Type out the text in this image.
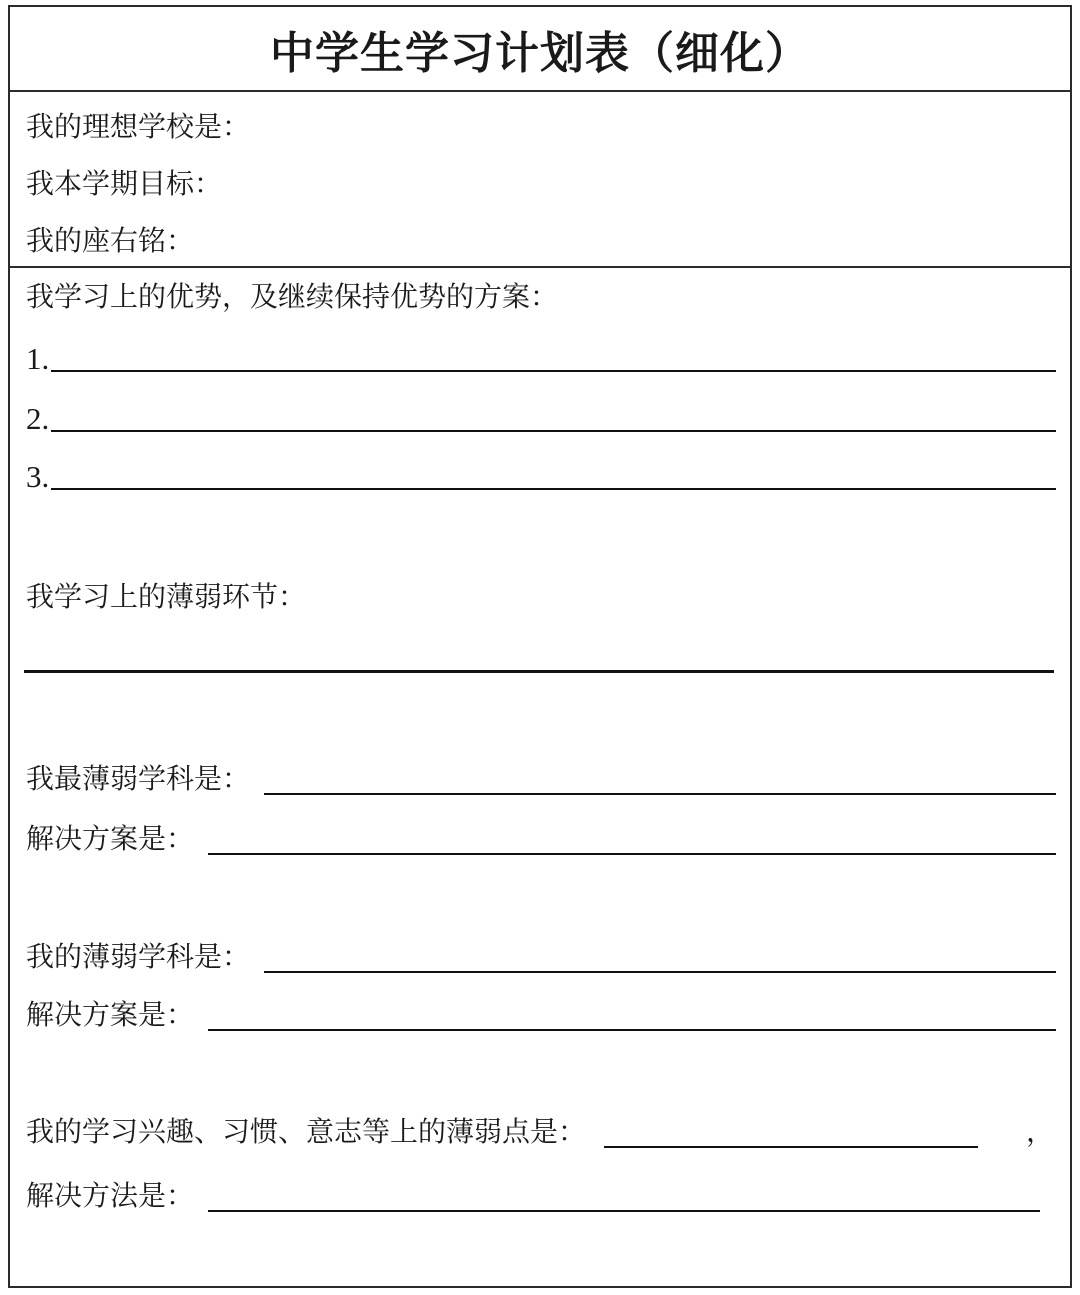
中学生学习计划表（细化）
我的理想学校是：
我本学期目标：
我的座右铭：
我学习上的优势，及继续保持优势的方案：
1.
2.
3.
我学习上的薄弱环节：
我最薄弱学科是：
解决方案是：
我的薄弱学科是：
解决方案是：
我的学习兴趣、习惯、意志等上的薄弱点是：	，
解决方法是：
